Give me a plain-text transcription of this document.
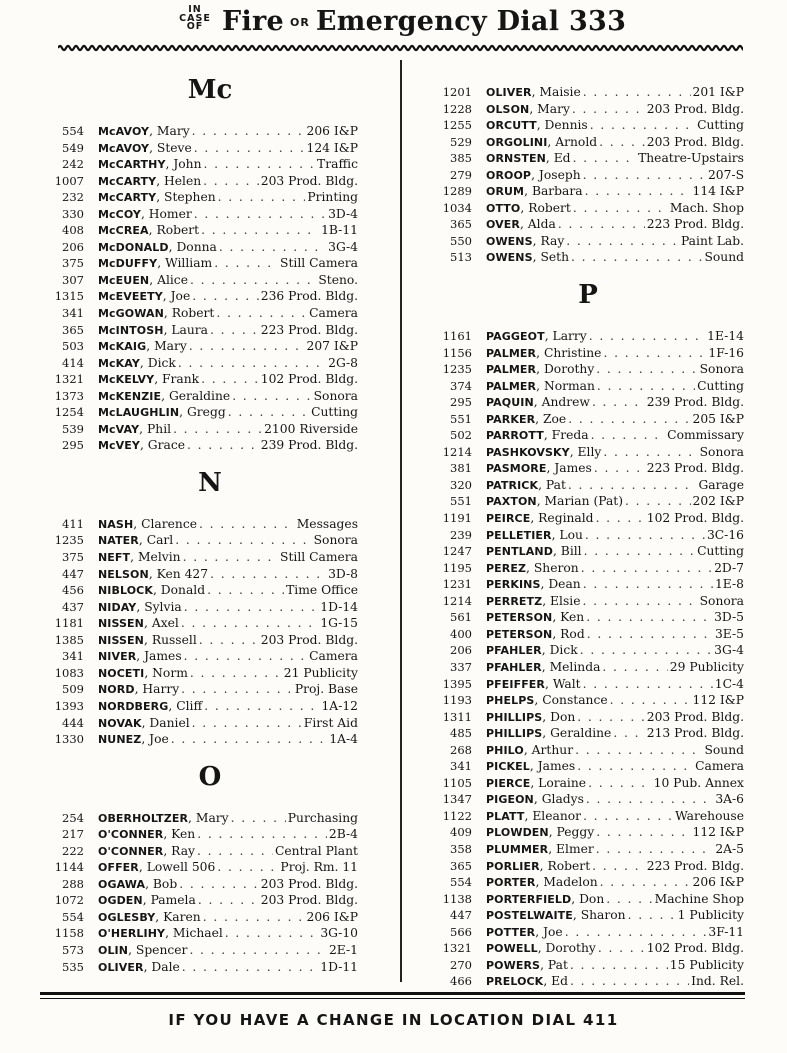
IN
CASE
OF Fire OR Emergency Dial 333
Mc
554	McAVOY, Mary . . .	206 I&P
549	McAVOY, Steve . . .	124 I&P
242	McCARTHY, John . . .	Traffic
1007	McCARTY, Helen . . .	203 Prod. Bldg.
232	McCARTY, Stephen . . .	Printing
330	McCOY, Homer . . .	3D-4
408	McCREA, Robert . . .	1B-11
206	McDONALD, Donna . . .	3G-4
375	McDUFFY, William . . .	Still Camera
307	McEUEN, Alice . . .	Steno.
1315	McEVEETY, Joe . . .	236 Prod. Bldg.
341	McGOWAN, Robert . . .	Camera
365	McINTOSH, Laura . . .	223 Prod. Bldg.
503	McKAIG, Mary . . .	207 I&P
414	McKAY, Dick . . .	2G-8
1321	McKELVY, Frank . . .	102 Prod. Bldg.
1373	McKENZIE, Geraldine . . .	Sonora
1254	McLAUGHLIN, Gregg . . .	Cutting
539	McVAY, Phil . . .	2100 Riverside
295	McVEY, Grace . . .	239 Prod. Bldg.
N
411	NASH, Clarence . . .	Messages
1235	NATER, Carl . . .	Sonora
375	NEFT, Melvin . . .	Still Camera
447	NELSON, Ken 427 . . .	3D-8
456	NIBLOCK, Donald . . .	Time Office
437	NIDAY, Sylvia . . .	1D-14
1181	NISSEN, Axel . . .	1G-15
1385	NISSEN, Russell . . .	203 Prod. Bldg.
341	NIVER, James . . .	Camera
1083	NOCETI, Norm . . .	21 Publicity
509	NORD, Harry . . .	Proj. Base
1393	NORDBERG, Cliff . . .	1A-12
444	NOVAK, Daniel . . .	First Aid
1330	NUNEZ, Joe . . .	1A-4
O
254	OBERHOLTZER, Mary . . .	Purchasing
217	O'CONNER, Ken . . .	2B-4
222	O'CONNER, Ray . . .	Central Plant
1144	OFFER, Lowell 506 . . .	Proj. Rm. 11
288	OGAWA, Bob . . .	203 Prod. Bldg.
1072	OGDEN, Pamela . . .	203 Prod. Bldg.
554	OGLESBY, Karen . . .	206 I&P
1158	O'HERLIHY, Michael . . .	3G-10
573	OLIN, Spencer . . .	2E-1
535	OLIVER, Dale . . .	1D-11
1201	OLIVER, Maisie . . .	201 I&P
1228	OLSON, Mary . . .	203 Prod. Bldg.
1255	ORCUTT, Dennis . . .	Cutting
529	ORGOLINI, Arnold . . .	203 Prod. Bldg.
385	ORNSTEN, Ed . . .	Theatre-Upstairs
279	OROOP, Joseph . . .	207-S
1289	ORUM, Barbara . . .	114 I&P
1034	OTTO, Robert . . .	Mach. Shop
365	OVER, Alda . . .	223 Prod. Bldg.
550	OWENS, Ray . . .	Paint Lab.
513	OWENS, Seth . . .	Sound
P
1161	PAGGEOT, Larry . . .	1E-14
1156	PALMER, Christine . . .	1F-16
1235	PALMER, Dorothy . . .	Sonora
374	PALMER, Norman . . .	Cutting
295	PAQUIN, Andrew . . .	239 Prod. Bldg.
551	PARKER, Zoe . . .	205 I&P
502	PARROTT, Freda . . .	Commissary
1214	PASHKOVSKY, Elly . . .	Sonora
381	PASMORE, James . . .	223 Prod. Bldg.
320	PATRICK, Pat . . .	Garage
551	PAXTON, Marian (Pat) . . .	202 I&P
1191	PEIRCE, Reginald . . .	102 Prod. Bldg.
239	PELLETIER, Lou . . .	3C-16
1247	PENTLAND, Bill . . .	Cutting
1195	PEREZ, Sheron . . .	2D-7
1231	PERKINS, Dean . . .	1E-8
1214	PERRETZ, Elsie . . .	Sonora
561	PETERSON, Ken . . .	3D-5
400	PETERSON, Rod . . .	3E-5
206	PFAHLER, Dick . . .	3G-4
337	PFAHLER, Melinda . . .	29 Publicity
1395	PFEIFFER, Walt . . .	1C-4
1193	PHELPS, Constance . . .	112 I&P
1311	PHILLIPS, Don . . .	203 Prod. Bldg.
485	PHILLIPS, Geraldine . . .	213 Prod. Bldg.
268	PHILO, Arthur . . .	Sound
341	PICKEL, James . . .	Camera
1105	PIERCE, Loraine . . .	10 Pub. Annex
1347	PIGEON, Gladys . . .	3A-6
1122	PLATT, Eleanor . . .	Warehouse
409	PLOWDEN, Peggy . . .	112 I&P
358	PLUMMER, Elmer . . .	2A-5
365	PORLIER, Robert . . .	223 Prod. Bldg.
554	PORTER, Madelon . . .	206 I&P
1138	PORTERFIELD, Don . . .	Machine Shop
447	POSTELWAITE, Sharon . . .	1 Publicity
566	POTTER, Joe . . .	3F-11
1321	POWELL, Dorothy . . .	102 Prod. Bldg.
270	POWERS, Pat . . .	15 Publicity
466	PRELOCK, Ed . . .	Ind. Rel.
IF YOU HAVE A CHANGE IN LOCATION DIAL 411
